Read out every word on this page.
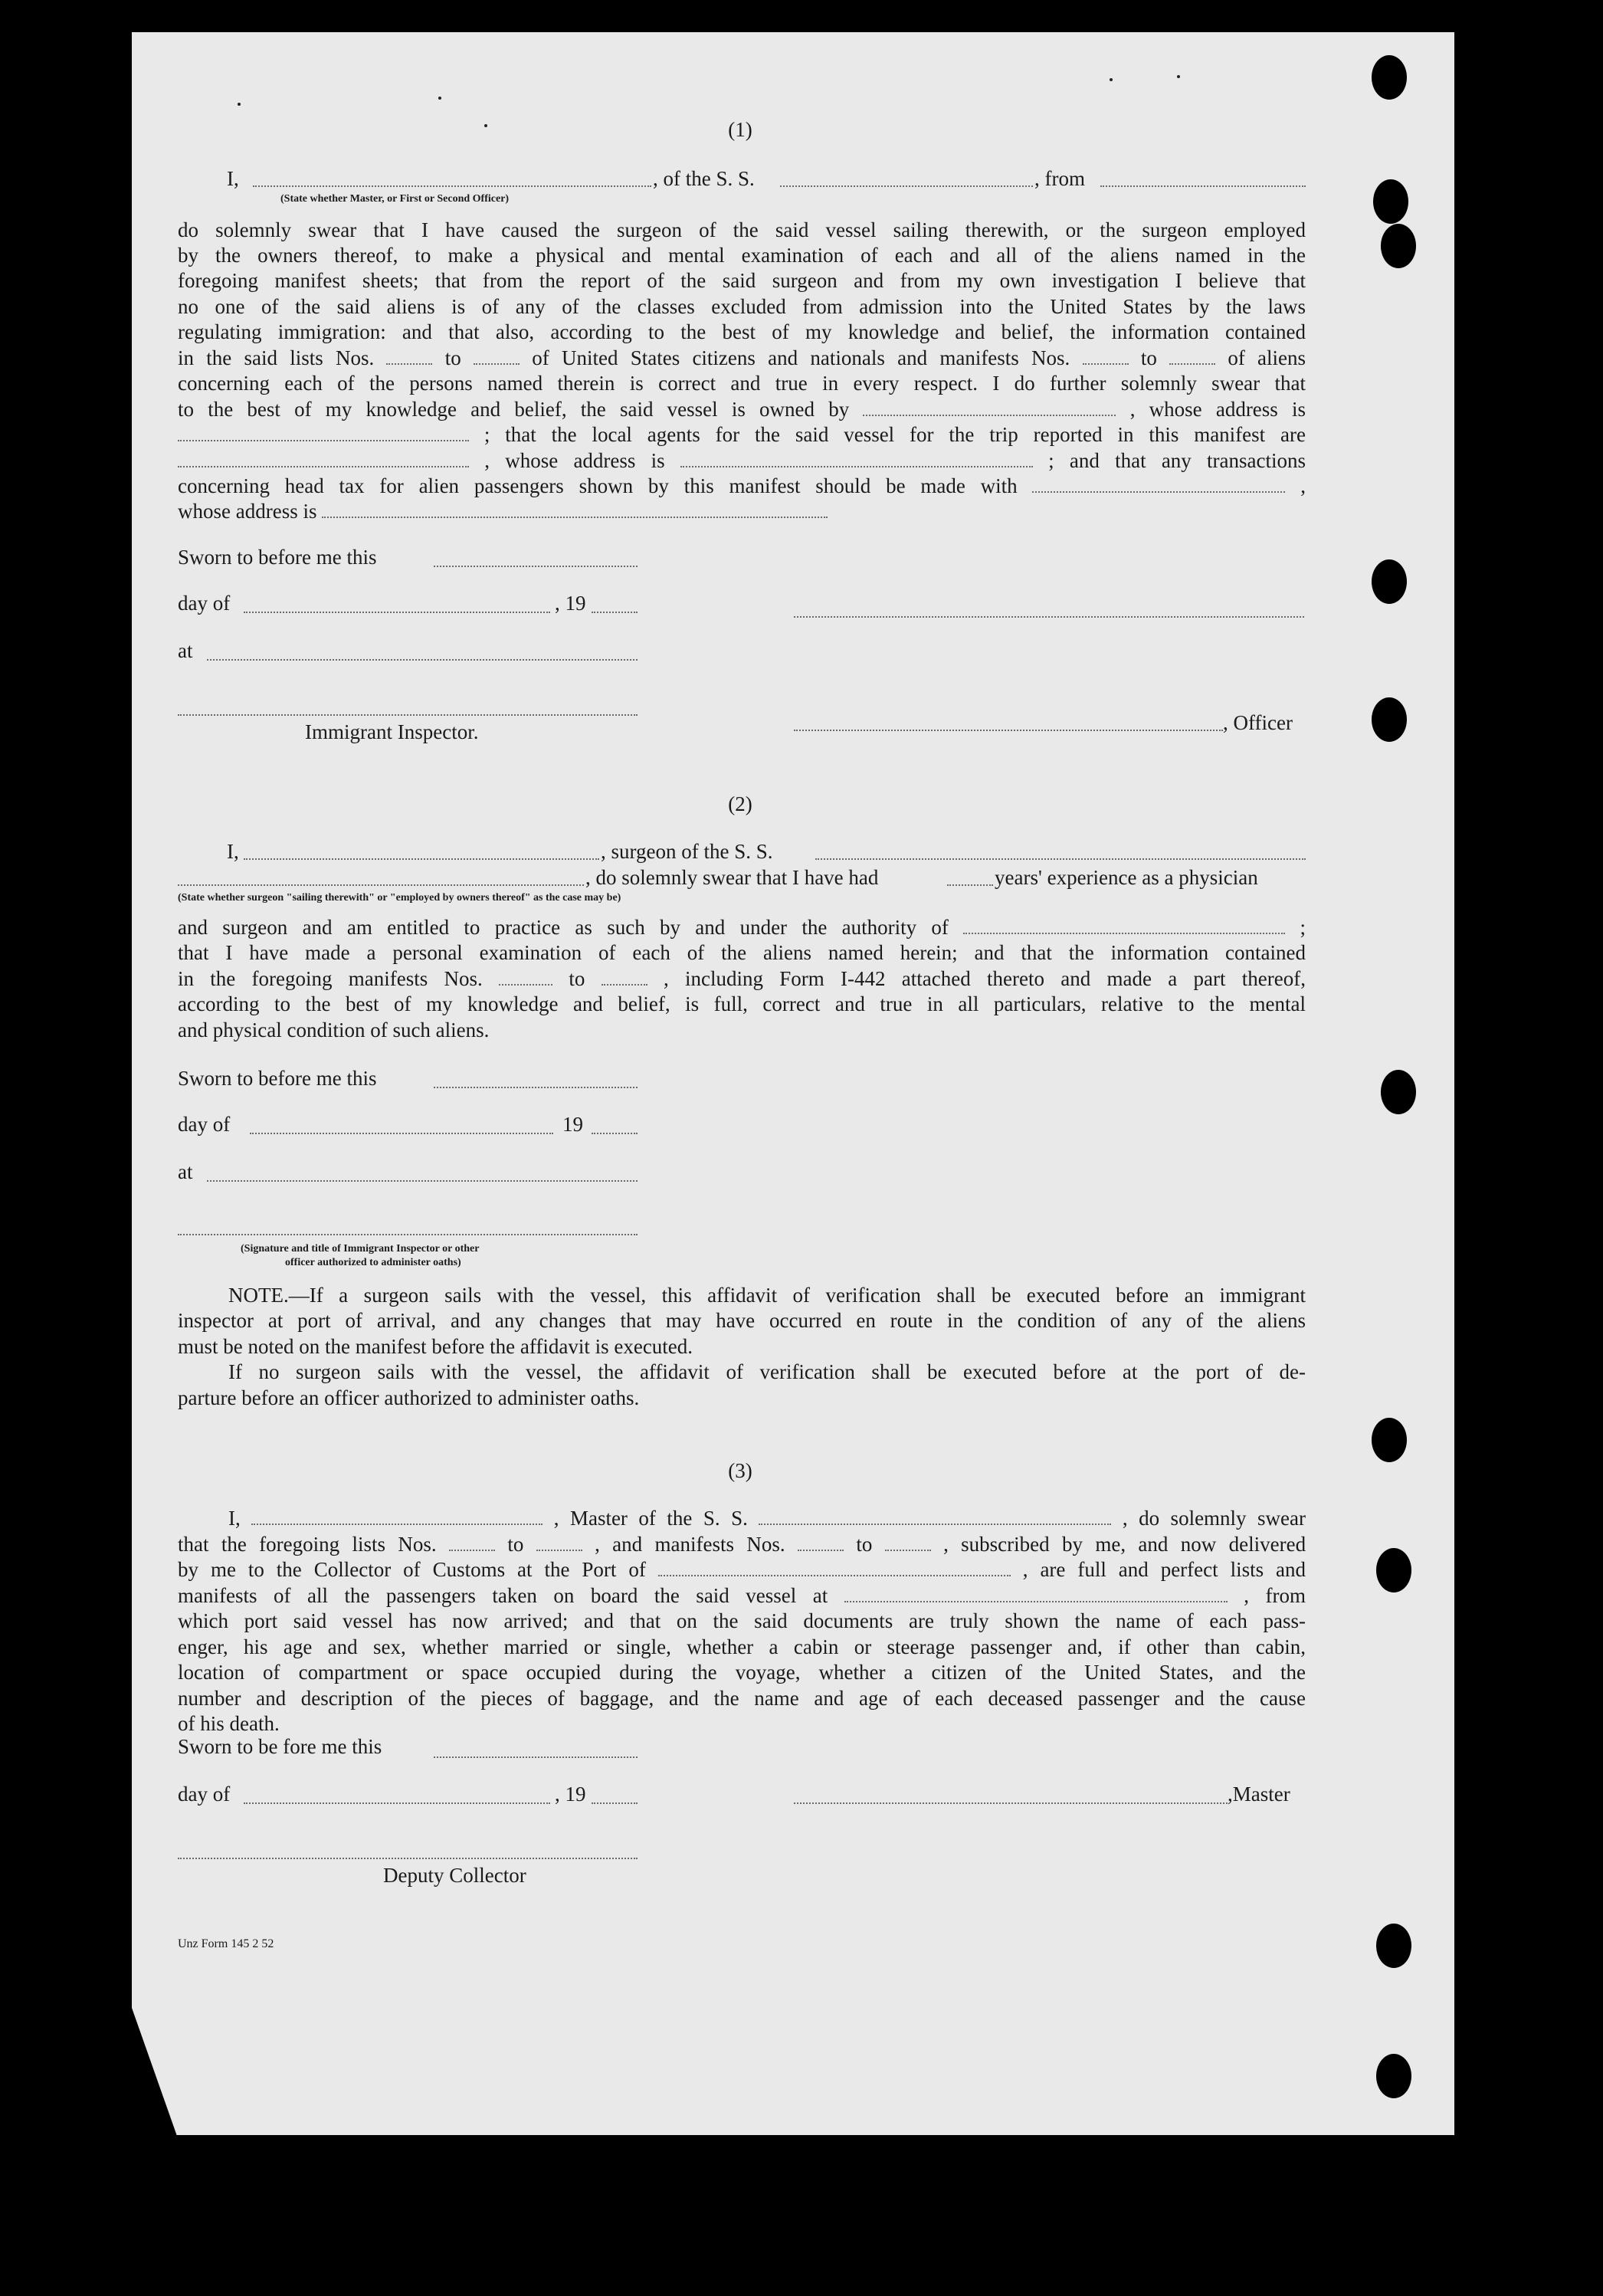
(1)
I,	, of the S. S.	, from
(State whether Master, or First or Second Officer)
do solemnly swear that I have caused the surgeon of the said vessel sailing therewith, or the surgeon employed
by the owners thereof, to make a physical and mental examination of each and all of the aliens named in the
foregoing manifest sheets; that from the report of the said surgeon and from my own investigation I believe that
no one of the said aliens is of any of the classes excluded from admission into the United States by the laws
regulating immigration: and that also, according to the best of my knowledge and belief, the information contained
in the said lists Nos.	to	of United States citizens and nationals and manifests Nos.	to	of aliens
concerning each of the persons named therein is correct and true in every respect. I do further solemnly swear that
to the best of my knowledge and belief, the said vessel is owned by	, whose address is
; that the local agents for the said vessel for the trip reported in this manifest are
, whose address is	; and that any transactions
concerning head tax for alien passengers shown by this manifest should be made with	,
whose address is
Sworn to before me this
day of	, 19
at
Immigrant Inspector.	, Officer
(2)
I,	, surgeon of the S. S.
, do solemnly swear that I have had	years' experience as a physician
(State whether surgeon "sailing therewith" or "employed by owners thereof" as the case may be)
and surgeon and am entitled to practice as such by and under the authority of	;
that I have made a personal examination of each of the aliens named herein; and that the information contained
in the foregoing manifests Nos.	to	, including Form I-442 attached thereto and made a part thereof,
according to the best of my knowledge and belief, is full, correct and true in all particulars, relative to the mental
and physical condition of such aliens.
Sworn to before me this
day of	19
at
(Signature and title of Immigrant Inspector or other
officer authorized to administer oaths)
NOTE.—If a surgeon sails with the vessel, this affidavit of verification shall be executed before an immigrant
inspector at port of arrival, and any changes that may have occurred en route in the condition of any of the aliens
must be noted on the manifest before the affidavit is executed.
If no surgeon sails with the vessel, the affidavit of verification shall be executed before at the port of de-
parture before an officer authorized to administer oaths.
(3)
I,	, Master of the S. S.	, do solemnly swear
that the foregoing lists Nos.	to	, and manifests Nos.	to	, subscribed by me, and now delivered
by me to the Collector of Customs at the Port of	, are full and perfect lists and
manifests of all the passengers taken on board the said vessel at	, from
which port said vessel has now arrived; and that on the said documents are truly shown the name of each pass-
enger, his age and sex, whether married or single, whether a cabin or steerage passenger and, if other than cabin,
location of compartment or space occupied during the voyage, whether a citizen of the United States, and the
number and description of the pieces of baggage, and the name and age of each deceased passenger and the cause
of his death.
Sworn to be fore me this
day of	, 19	,Master
Deputy Collector
Unz Form 145 2 52
